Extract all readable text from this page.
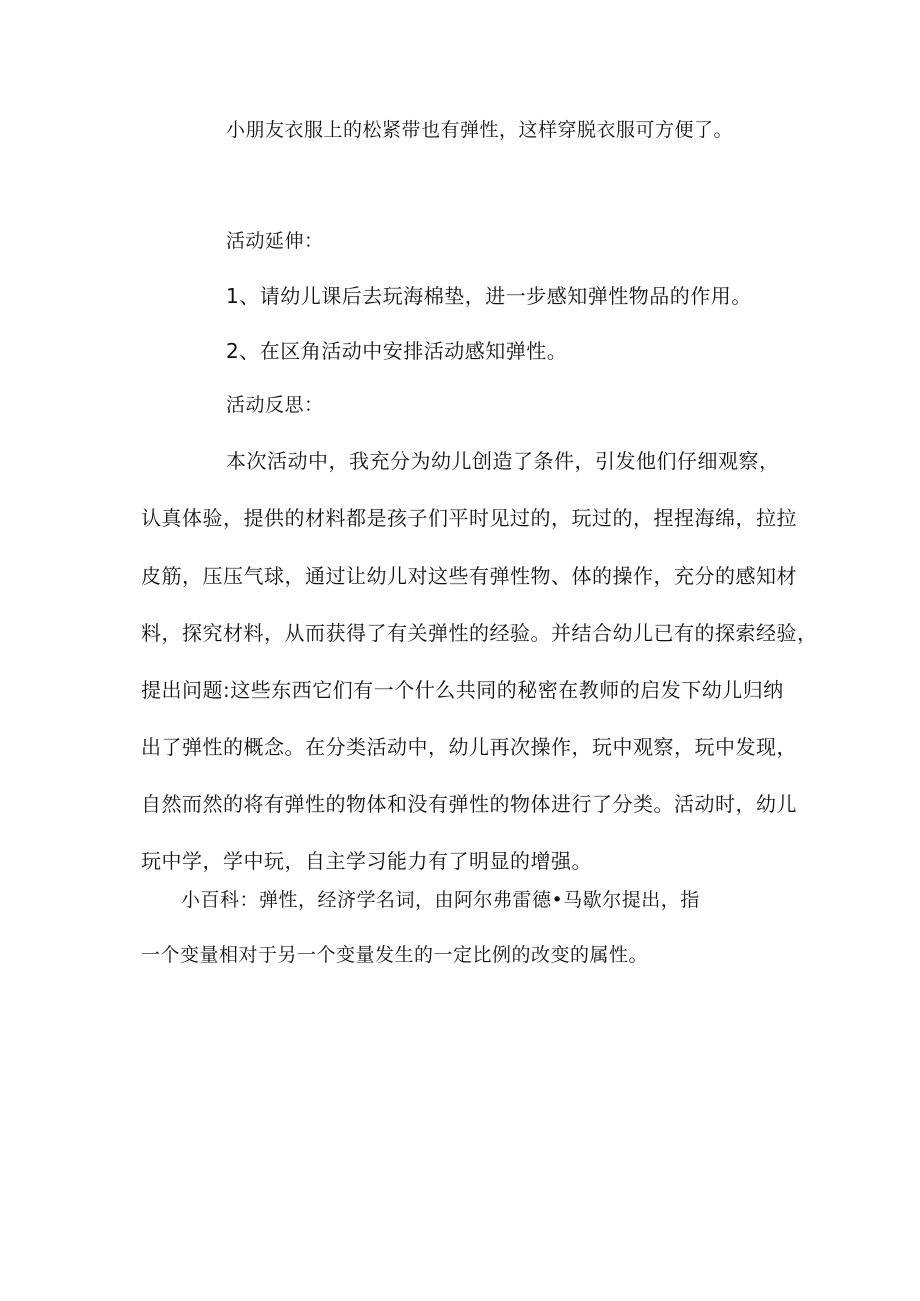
小朋友衣服上的松紧带也有弹性，这样穿脱衣服可方便了。
活动延伸：
1、请幼儿课后去玩海棉垫，进一步感知弹性物品的作用。
2、在区角活动中安排活动感知弹性。
活动反思：
本次活动中，我充分为幼儿创造了条件，引发他们仔细观察，
认真体验，提供的材料都是孩子们平时见过的，玩过的，捏捏海绵，拉拉
皮筋，压压气球，通过让幼儿对这些有弹性物、体的操作，充分的感知材
料，探究材料，从而获得了有关弹性的经验。并结合幼儿已有的探索经验，
提出问题:这些东西它们有一个什么共同的秘密在教师的启发下幼儿归纳
出了弹性的概念。在分类活动中，幼儿再次操作，玩中观察，玩中发现，
自然而然的将有弹性的物体和没有弹性的物体进行了分类。活动时，幼儿
玩中学，学中玩，自主学习能力有了明显的增强。
小百科：弹性，经济学名词，由阿尔弗雷德•马歇尔提出，指
一个变量相对于另一个变量发生的一定比例的改变的属性。
